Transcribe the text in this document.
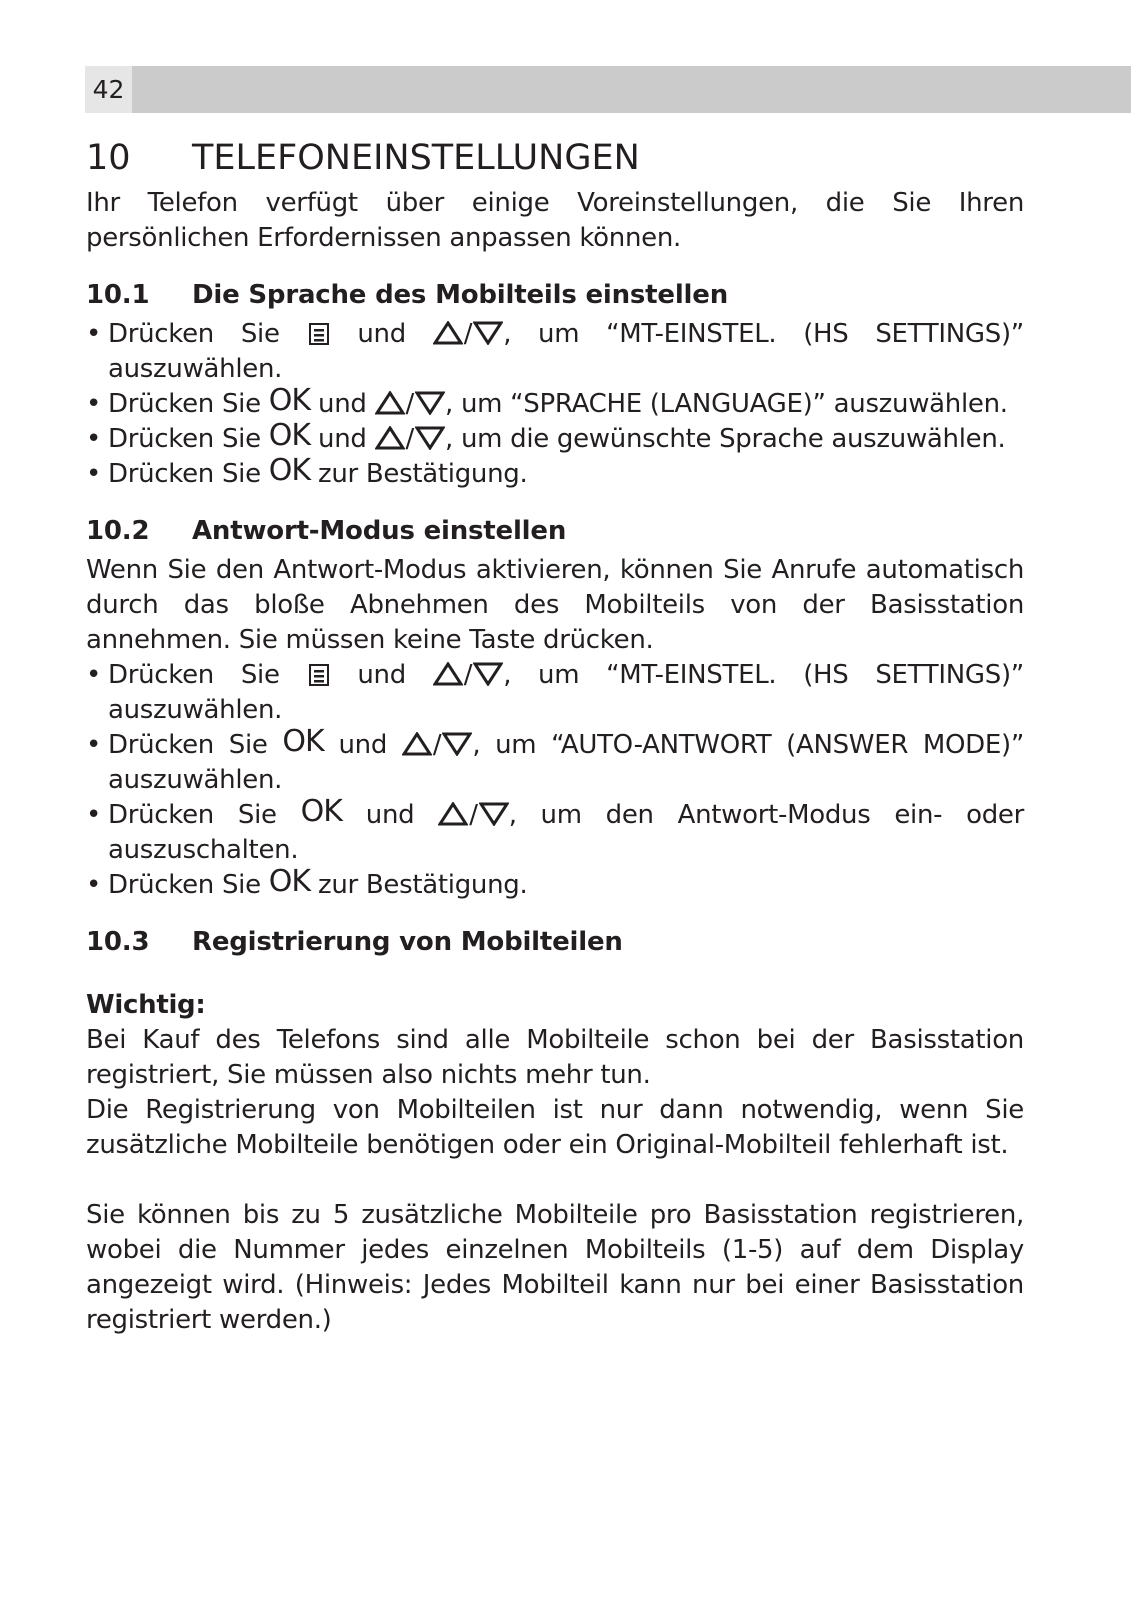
42
10 TELEFONEINSTELLUNGEN

Ihr Telefon verfügt über einige Voreinstellungen, die Sie Ihren persönlichen Erfordernissen anpassen können.

10.1 Die Sprache des Mobilteils einstellen
• Drücken Sie	und / , um “MT-EINSTEL. (HS SETTINGS)” auszuwählen.
• Drücken Sie OK und / , um “SPRACHE (LANGUAGE)” auszuwählen.
• Drücken Sie OK und / , um die gewünschte Sprache auszuwählen.
• Drücken Sie OK zur Bestätigung.
10.2 Antwort-Modus einstellen

Wenn Sie den Antwort-Modus aktivieren, können Sie Anrufe automatisch durch das bloße Abnehmen des Mobilteils von der Basisstation annehmen. Sie müssen keine Taste drücken.

• Drücken Sie	und / , um “MT-EINSTEL. (HS SETTINGS)” auszuwählen.
• Drücken Sie OK und / , um “AUTO-ANTWORT (ANSWER MODE)” auszuwählen.
• Drücken Sie OK und / , um den Antwort-Modus ein- oder auszuschalten.
• Drücken Sie OK zur Bestätigung.
10.3 Registrierung von Mobilteilen
Wichtig:

Bei Kauf des Telefons sind alle Mobilteile schon bei der Basisstation registriert, Sie müssen also nichts mehr tun.

Die Registrierung von Mobilteilen ist nur dann notwendig, wenn Sie zusätzliche Mobilteile benötigen oder ein Original-Mobilteil fehlerhaft ist.

Sie können bis zu 5 zusätzliche Mobilteile pro Basisstation registrieren, wobei die Nummer jedes einzelnen Mobilteils (1-5) auf dem Display angezeigt wird. (Hinweis: Jedes Mobilteil kann nur bei einer Basisstation registriert werden.)
